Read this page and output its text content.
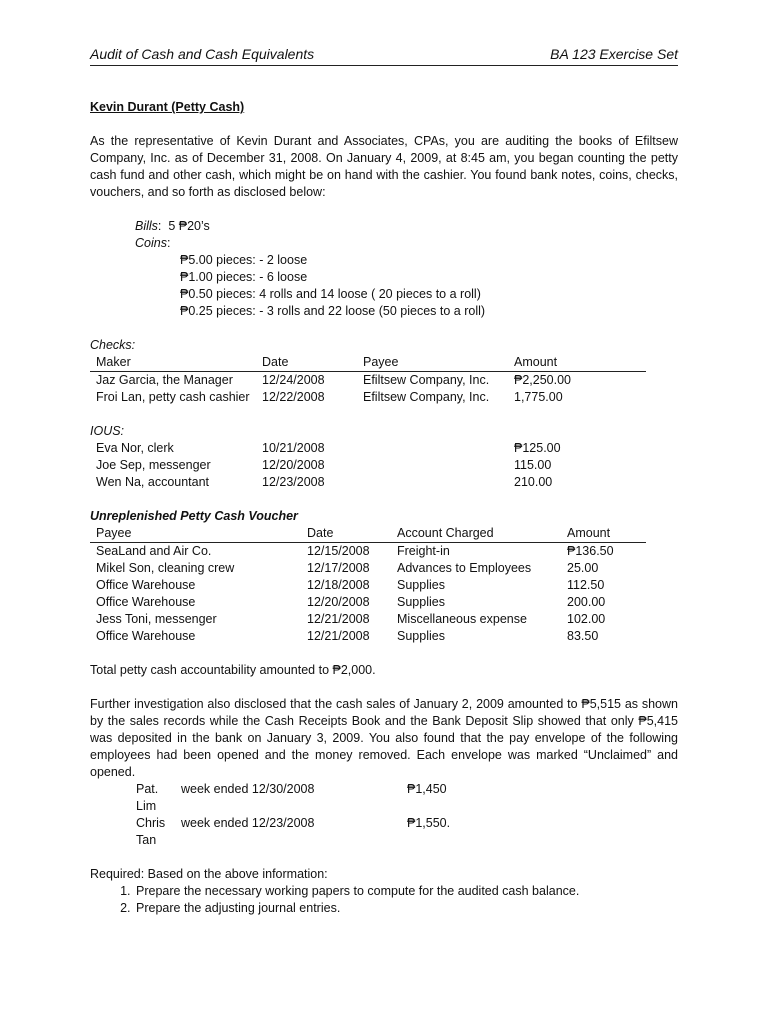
Audit of Cash and Cash Equivalents	BA 123 Exercise Set
Kevin Durant (Petty Cash)
As the representative of Kevin Durant and Associates, CPAs, you are auditing the books of Efiltsew Company, Inc. as of December 31, 2008. On January 4, 2009, at 8:45 am, you began counting the petty cash fund and other cash, which might be on hand with the cashier. You found bank notes, coins, checks, vouchers, and so forth as disclosed below:
Bills:  5 ₱20’s
Coins:
₱5.00 pieces: - 2 loose
₱1.00 pieces: - 6 loose
₱0.50 pieces: 4 rolls and 14 loose ( 20 pieces to a roll)
₱0.25 pieces: - 3 rolls and 22 loose (50 pieces to a roll)
Checks:
Maker	Date	Payee	Amount
Jaz Garcia, the Manager	12/24/2008	Efiltsew Company, Inc.	₱2,250.00
Froi Lan, petty cash cashier	12/22/2008	Efiltsew Company, Inc.	1,775.00
IOUS:
Eva Nor, clerk	10/21/2008		₱125.00
Joe Sep, messenger	12/20/2008		115.00
Wen Na, accountant	12/23/2008		210.00
Unreplenished Petty Cash Voucher
Payee	Date	Account Charged	Amount
SeaLand and Air Co.	12/15/2008	Freight-in	₱136.50
Mikel Son, cleaning crew	12/17/2008	Advances to Employees	25.00
Office Warehouse	12/18/2008	Supplies	112.50
Office Warehouse	12/20/2008	Supplies	200.00
Jess Toni, messenger	12/21/2008	Miscellaneous expense	102.00
Office Warehouse	12/21/2008	Supplies	83.50
Total petty cash accountability amounted to ₱2,000.
Further investigation also disclosed that the cash sales of January 2, 2009 amounted to ₱5,515 as shown by the sales records while the Cash Receipts Book and the Bank Deposit Slip showed that only ₱5,415 was deposited in the bank on January 3, 2009. You also found that the pay envelope of the following employees had been opened and the money removed. Each envelope was marked “Unclaimed” and opened.
Pat. Lim	week ended 12/30/2008	₱1,450
Chris Tan	week ended 12/23/2008	₱1,550.
Required: Based on the above information:
1. Prepare the necessary working papers to compute for the audited cash balance.
2. Prepare the adjusting journal entries.
